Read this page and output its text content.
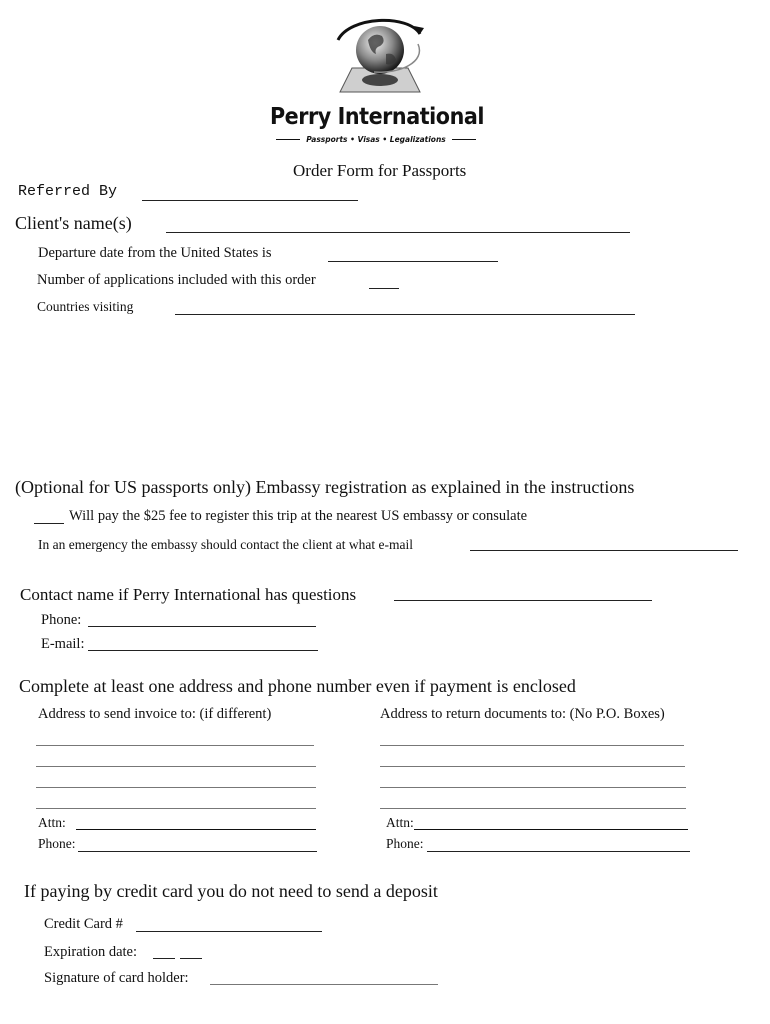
Perry International
Passports • Visas • Legalizations
Order Form for Passports
Referred By
Client's name(s)
Departure date from the United States is
Number of applications included with this order
Countries visiting
(Optional for US passports only) Embassy registration as explained in the instructions
Will pay the $25 fee to register this trip at the nearest US embassy or consulate
In an emergency the embassy should contact the client at what e-mail
Contact name if Perry International has questions
Phone:
E-mail:
Complete at least one address and phone number even if payment is enclosed
Address to send invoice to: (if different)	Address to return documents to: (No P.O. Boxes)
Attn:
Phone:
Attn:
Phone:
If paying by credit card you do not need to send a deposit
Credit Card #
Expiration date:
Signature of card holder:
